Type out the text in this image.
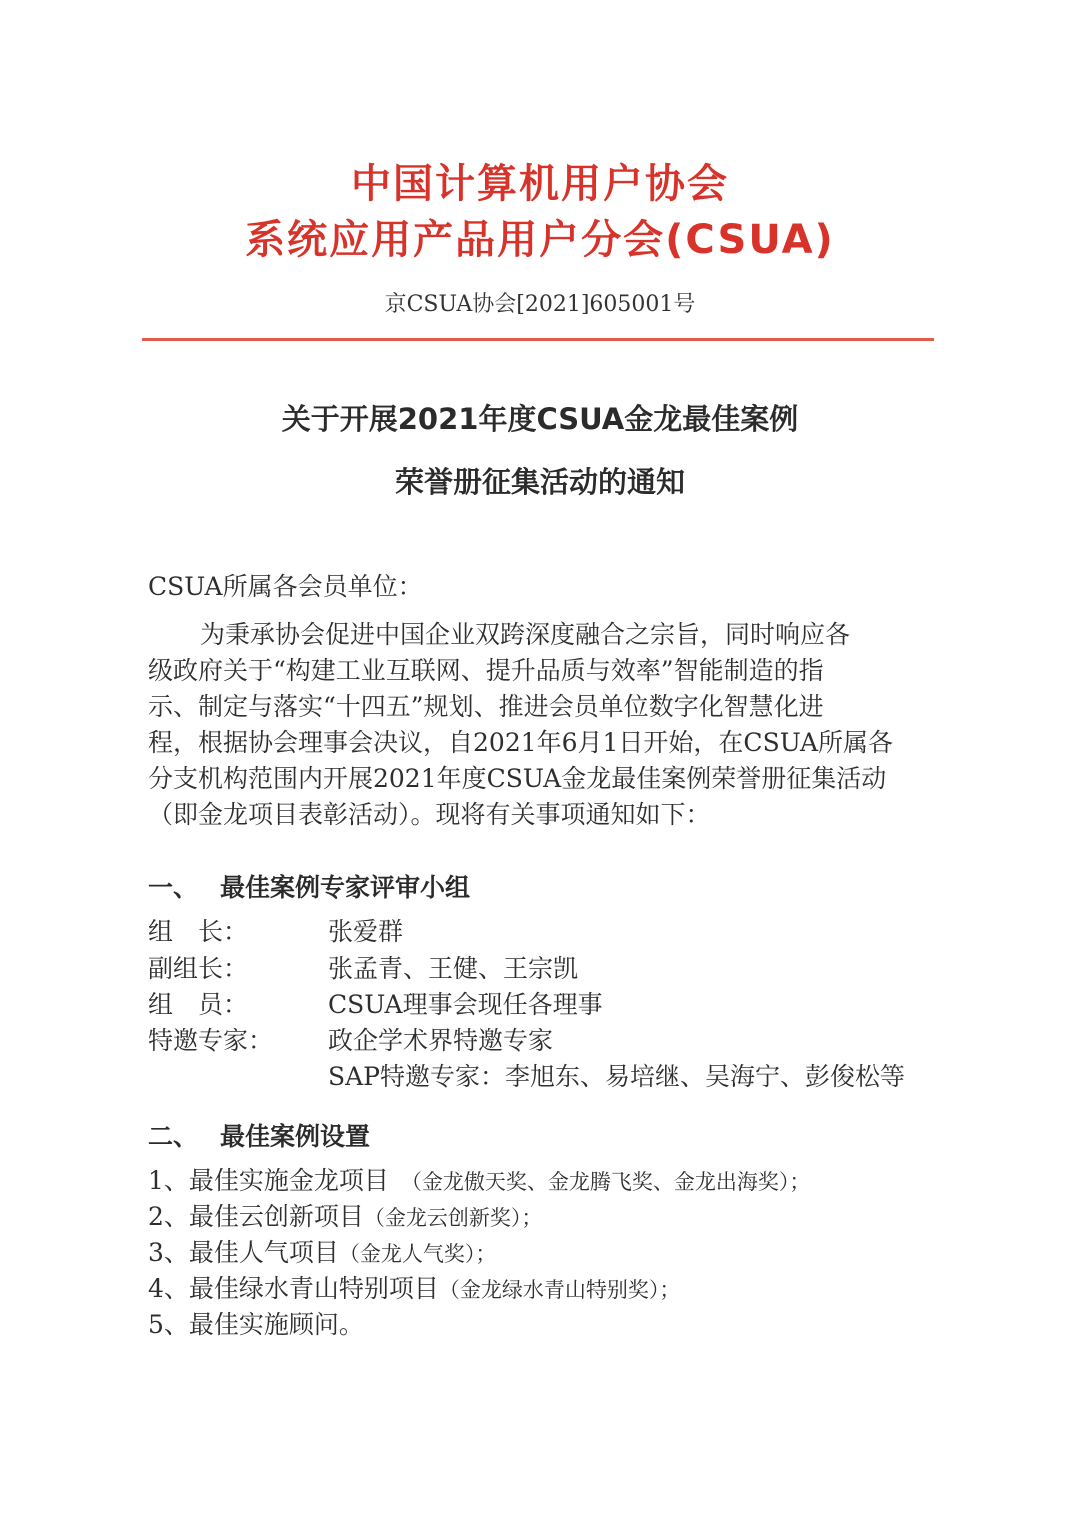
中国计算机用户协会
系统应用产品用户分会(CSUA)
京CSUA协会[2021]605001号
关于开展2021年度CSUA金龙最佳案例
荣誉册征集活动的通知
CSUA所属各会员单位：
为秉承协会促进中国企业双跨深度融合之宗旨，同时响应各
级政府关于“构建工业互联网、提升品质与效率”智能制造的指
示、制定与落实“十四五”规划、推进会员单位数字化智慧化进
程，根据协会理事会决议，自2021年6月1日开始，在CSUA所属各
分支机构范围内开展2021年度CSUA金龙最佳案例荣誉册征集活动
（即金龙项目表彰活动）。现将有关事项通知如下：
一、 最佳案例专家评审小组
组　长：	张爱群
副组长：	张孟青、王健、王宗凯
组　员：	CSUA理事会现任各理事
特邀专家： 政企学术界特邀专家
SAP特邀专家：李旭东、易培继、吴海宁、彭俊松等
二、 最佳案例设置
1、最佳实施金龙项目 （金龙傲天奖、金龙腾飞奖、金龙出海奖）；
2、最佳云创新项目（金龙云创新奖）；
3、最佳人气项目（金龙人气奖）；
4、最佳绿水青山特别项目（金龙绿水青山特别奖）；
5、最佳实施顾问。
